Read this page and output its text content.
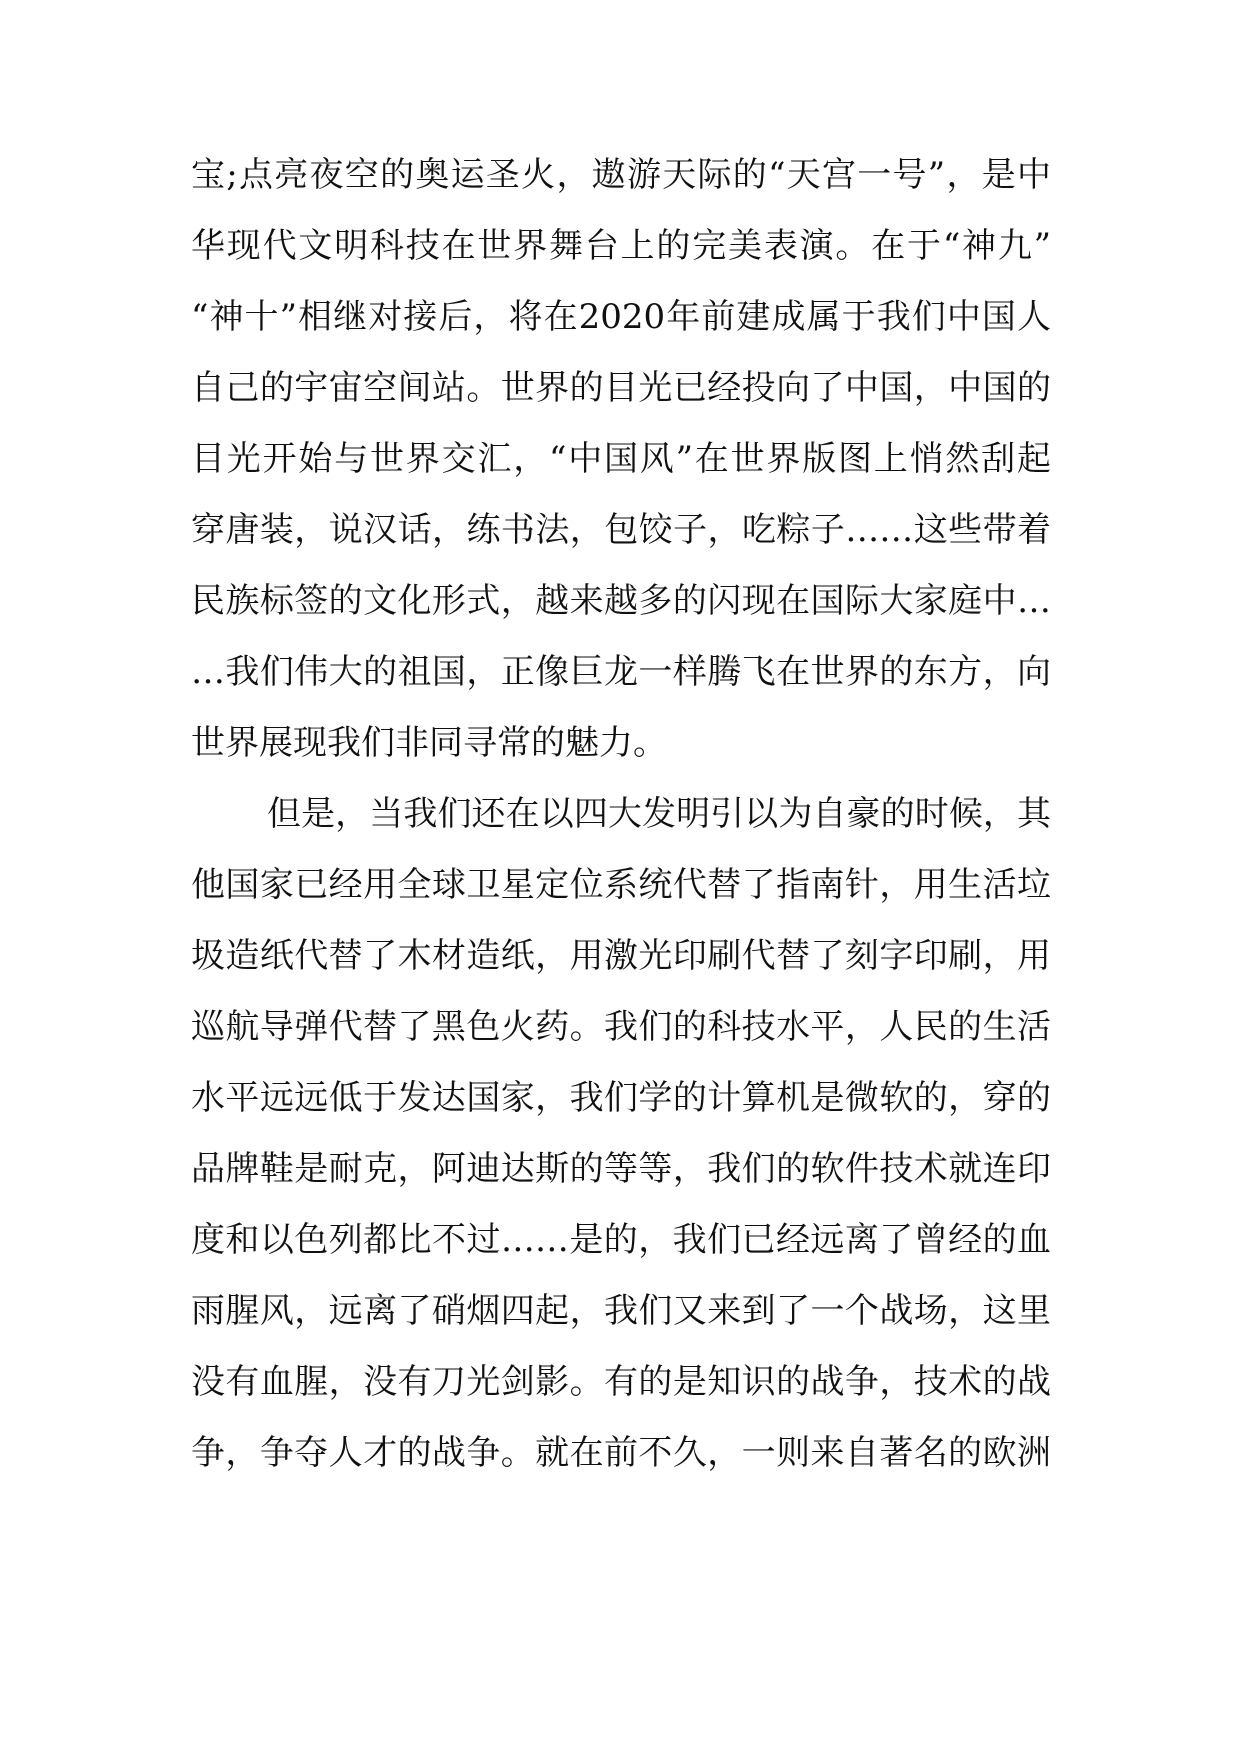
宝;点亮夜空的奥运圣火，遨游天际的“天宫一号”，是中
华现代文明科技在世界舞台上的完美表演。在于“神九”
“神十”相继对接后，将在2020年前建成属于我们中国人
自己的宇宙空间站。世界的目光已经投向了中国，中国的
目光开始与世界交汇，“中国风”在世界版图上悄然刮起
穿唐装，说汉话，练书法，包饺子，吃粽子……这些带着
民族标签的文化形式，越来越多的闪现在国际大家庭中…
…我们伟大的祖国，正像巨龙一样腾飞在世界的东方，向
世界展现我们非同寻常的魅力。
但是，当我们还在以四大发明引以为自豪的时候，其
他国家已经用全球卫星定位系统代替了指南针，用生活垃
圾造纸代替了木材造纸，用激光印刷代替了刻字印刷，用
巡航导弹代替了黑色火药。我们的科技水平，人民的生活
水平远远低于发达国家，我们学的计算机是微软的，穿的
品牌鞋是耐克，阿迪达斯的等等，我们的软件技术就连印
度和以色列都比不过……是的，我们已经远离了曾经的血
雨腥风，远离了硝烟四起，我们又来到了一个战场，这里
没有血腥，没有刀光剑影。有的是知识的战争，技术的战
争，争夺人才的战争。就在前不久，一则来自著名的欧洲
